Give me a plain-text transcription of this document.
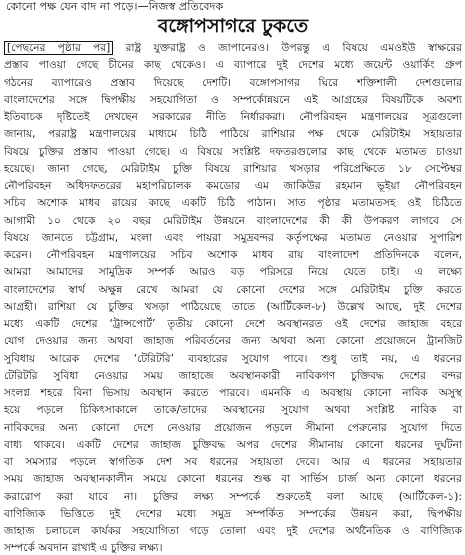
কোনো পক্ষ যেন বাদ না পড়ে।—নিজস্ব প্রতিবেদক
বঙ্গোপসাগরে ঢুকতে
[পেছনের পৃষ্ঠার পর] রাষ্ট্র যুক্তরাষ্ট্র ও জাপানেরও। উপরন্তু এ বিষয়ে এমওইউ স্বাক্ষরের
প্রস্তাব পাওয়া গেছে চীনের কাছ থেকেও। এ ব্যাপারে দুই দেশের মধ্যে জয়েন্ট ওয়ার্কিং গ্রুপ
গঠনের ব্যাপারেও প্রস্তাব দিয়েছে দেশটি। বঙ্গোপসাগর ঘিরে শক্তিশালী দেশগুলোর
বাংলাদেশের সঙ্গে দ্বিপক্ষীয় সহযোগিতা ও সম্পর্কোন্নয়নে এই আগ্রহের বিষয়টিকে অবশ্য
ইতিবাচক দৃষ্টিতেই দেখছেন সরকারের নীতি নির্ধারকরা। নৌপরিবহন মন্ত্রণালয়ের সূত্রগুলো
জানায়, পররাষ্ট্র মন্ত্রণালয়ের মাধ্যমে চিঠি পাঠিয়ে রাশিয়ার পক্ষ থেকে মেরিটাইম সহায়তার
বিষয়ে চুক্তির প্রস্তাব পাওয়া গেছে। এ বিষয়ে সংশ্লিষ্ট দফতরগুলোর কাছ থেকে মতামত চাওয়া
হয়েছে। জানা গেছে, মেরিটাইম চুক্তি বিষয়ে রাশিয়ার খসড়ার পরিপ্রেক্ষিতে ১৮ সেপ্টেম্বর
নৌপরিবহন অধিদফতরের মহাপরিচালক কমডোর এম জাকিউর রহমান ভূইয়া নৌপরিবহন
সচিব অশোক মাধব রায়ের কাছে একটি চিঠি পাঠান। সাত পৃষ্ঠার মতামতসহ ওই চিঠিতে
আগামী ১০ থেকে ২০ বছর মেরিটাইম উন্নয়নে বাংলাদেশের কী কী উপকরণ লাগবে সে
বিষয়ে জানতে চট্টগ্রাম, মংলা এবং পায়রা সমুদ্রবন্দর কর্তৃপক্ষের মতামত নেওয়ার সুপারিশ
করেন। নৌপরিবহন মন্ত্রণালয়ের সচিব অশোক মাধব রায় বাংলাদেশ প্রতিদিনকে বলেন,
আমরা আমাদের সামুদ্রিক সম্পর্ক আরও বড় পরিসরে নিয়ে যেতে চাই। এ লক্ষ্যে
বাংলাদেশের স্বার্থ অক্ষুন্ন রেখে আমরা যে কোনো দেশের সঙ্গে মেরিটাইম চুক্তি করতে
আগ্রহী। রাশিয়া যে চুক্তির খসড়া পাঠিয়েছে তাতে (আর্টিকেল-৮) উল্লেখ আছে, দুই দেশের
মধ্যে একটি দেশের ‘ট্রান্সপোর্ট’ তৃতীয় কোনো দেশে অবস্থানরত ওই দেশের জাহাজ বহরে
যোগ দেওয়ার জন্য অথবা জাহাজ পরিবর্তনের জন্য অথবা অন্য কোনো প্রয়োজনে ট্রানজিট
সুবিধায় আরেক দেশের ‘টেরিটরি’ ব্যবহারের সুযোগ পাবে। শুধু তাই নয়, এ ধরনের
টেরিটরি সুবিধা নেওয়ার সময় জাহাজে অবস্থানকারী নাবিকগণ চুক্তিবদ্ধ দেশের বন্দর
সংলগ্ন শহরে বিনা ভিসায় অবস্থান করতে পারবে। এমনকি এ অবস্থায় কোনো নাবিক অসুস্থ
হয়ে পড়লে চিকিৎসাকালে তাকে/তাদের অবস্থানের সুযোগ অথবা সংশ্লিষ্ট নাবিক বা
নাবিকদের অন্য কোনো দেশে নেওয়ার প্রয়োজন পড়লে সীমানা পেরুনোর সুযোগ দিতে
বাধ্য থাকবে। একটি দেশের জাহাজ চুক্তিবদ্ধ অপর দেশের সীমানায় কোনো ধরনের দুর্ঘটনা
বা সমস্যার পড়লে স্বাগতিক দেশ সব ধরনের সহায়তা দেবে। আর এ ধরনের সহায়তার
সময় জাহাজ অবস্থানকালীন সময়ে কোনো ধরনের শুল্ক বা সার্ভিস চার্জ অন্য কোনো ধরনের
করারোপ করা যাবে না। চুক্তির লক্ষ্য সম্পর্কে শুরুতেই বলা আছে (আর্টিকেল-১):
বাণিজ্যিক ভিত্তিতে দুই দেশের মধ্যে সমুদ্র সম্পর্কিত সম্পর্কের উন্নয়ন করা, দ্বিপক্ষীয়
জাহাজ চলাচলে কার্যকর সহযোগিতা গড়ে তোলা এবং দুই দেশের অর্থনৈতিক ও বাণিজ্যিক
সম্পর্কে অবদান রাখাই এ চুক্তির লক্ষ্য।
